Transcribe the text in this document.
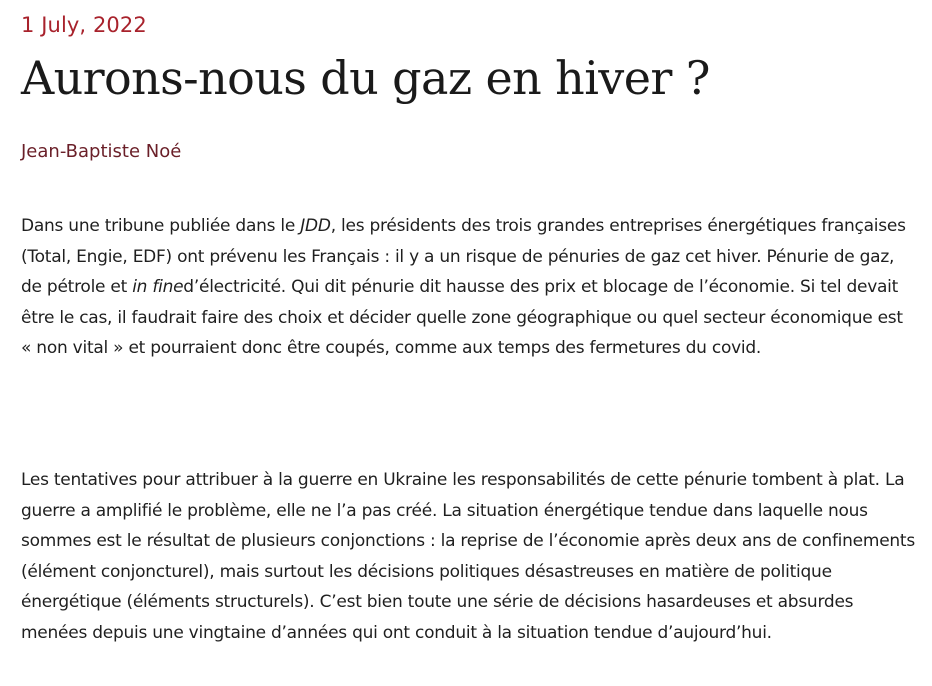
1 July, 2022
Aurons-nous du gaz en hiver ?
Jean-Baptiste Noé

Dans une tribune publiée dans le JDD, les présidents des trois grandes entreprises énergétiques françaises (Total, Engie, EDF) ont prévenu les Français : il y a un risque de pénuries de gaz cet hiver. Pénurie de gaz, de pétrole et in fined’électricité. Qui dit pénurie dit hausse des prix et blocage de l’économie. Si tel devait être le cas, il faudrait faire des choix et décider quelle zone géographique ou quel secteur économique est « non vital » et pourraient donc être coupés, comme aux temps des fermetures du covid.

Les tentatives pour attribuer à la guerre en Ukraine les responsabilités de cette pénurie tombent à plat. La guerre a amplifié le problème, elle ne l’a pas créé. La situation énergétique tendue dans laquelle nous sommes est le résultat de plusieurs conjonctions : la reprise de l’économie après deux ans de confinements (élément conjoncturel), mais surtout les décisions politiques désastreuses en matière de politique énergétique (éléments structurels). C’est bien toute une série de décisions hasardeuses et absurdes menées depuis une vingtaine d’années qui ont conduit à la situation tendue d’aujourd’hui.
